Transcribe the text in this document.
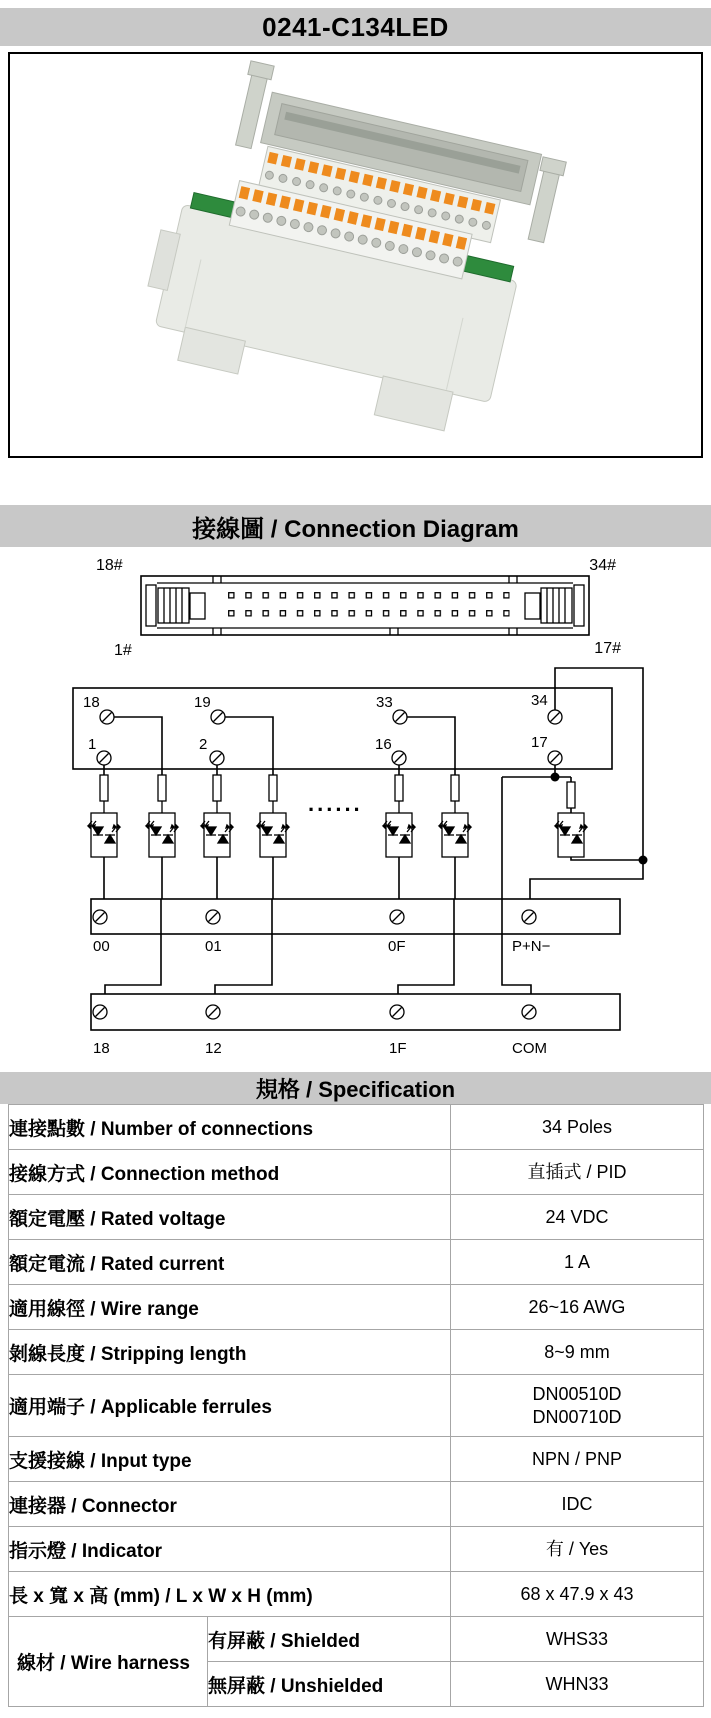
0241-C134LED
接線圖 / Connection Diagram
18#	34#
1#	17#
18	19	33	34
1	2	16	17
......
00	01	0F	P+N−
18	12	1F	COM
規格 / Specification
連接點數 / Number of connections		34 Poles
接線方式 / Connection method		直插式 / PID
額定電壓 / Rated voltage		24 VDC
額定電流 / Rated current		1 A
適用線徑 / Wire range		26~16 AWG
剝線長度 / Stripping length		8~9 mm
適用端子 / Applicable ferrules		DN00510D
DN00710D

支援接線 / Input type		NPN / PNP
連接器 / Connector		IDC
指示燈 / Indicator		有 / Yes
長 x 寬 x 高 (mm) / L x W x H (mm)		68 x 47.9 x 43
線材 / Wire harness	有屏蔽 / Shielded	WHS33
	無屏蔽 / Unshielded	WHN33
